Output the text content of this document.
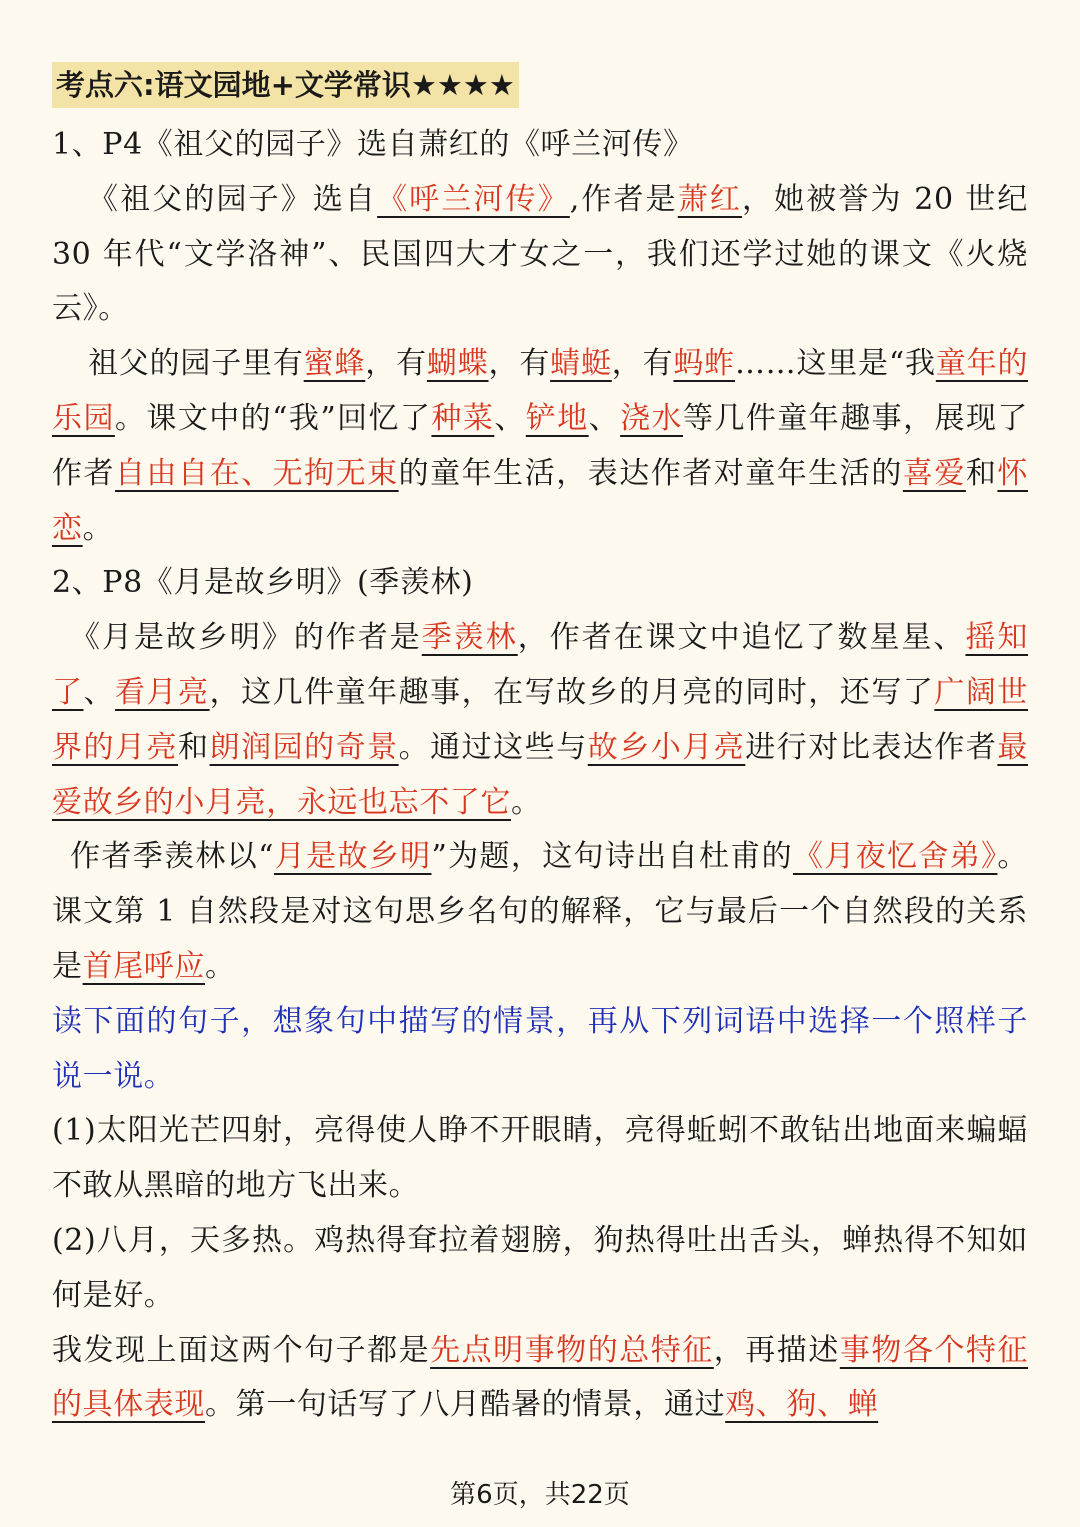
考点六:语文园地+文学常识★★★★

1、P4《祖父的园子》选自萧红的《呼兰河传》

《祖父的园子》选自《呼兰河传》,作者是萧红，她被誉为 20 世纪 30 年代“文学洛神”、民国四大才女之一，我们还学过她的课文《火烧云》。

祖父的园子里有蜜蜂，有蝴蝶，有蜻蜓，有蚂蚱……这里是“我童年的乐园。课文中的“我”回忆了种菜、铲地、浇水等几件童年趣事，展现了作者自由自在、无拘无束的童年生活，表达作者对童年生活的喜爱和怀恋。

2、P8《月是故乡明》(季羡林)

《月是故乡明》的作者是季羡林，作者在课文中追忆了数星星、摇知了、看月亮，这几件童年趣事，在写故乡的月亮的同时，还写了广阔世界的月亮和朗润园的奇景。通过这些与故乡小月亮进行对比表达作者最爱故乡的小月亮，永远也忘不了它。

作者季羡林以“月是故乡明”为题，这句诗出自杜甫的《月夜忆舍弟》。课文第 1 自然段是对这句思乡名句的解释，它与最后一个自然段的关系是首尾呼应。

读下面的句子，想象句中描写的情景，再从下列词语中选择一个照样子说一说。

(1)太阳光芒四射，亮得使人睁不开眼睛，亮得蚯蚓不敢钻出地面来蝙蝠不敢从黑暗的地方飞出来。

(2)八月，天多热。鸡热得耷拉着翅膀，狗热得吐出舌头，蝉热得不知如何是好。

我发现上面这两个句子都是先点明事物的总特征，再描述事物各个特征的具体表现。第一句话写了八月酷暑的情景，通过鸡、狗、蝉

第6页，共22页
